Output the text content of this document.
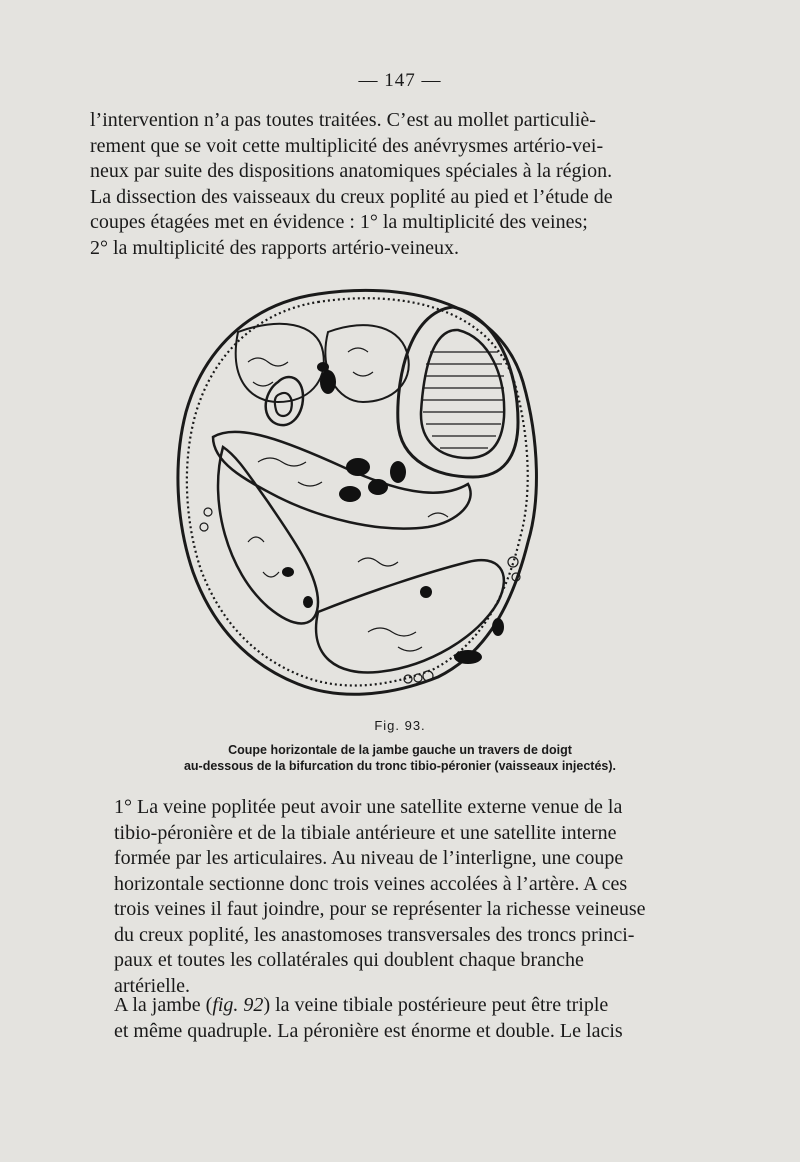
— 147 —

l’intervention n’a pas toutes traitées. C’est au mollet particuliè-
rement que se voit cette multiplicité des anévrysmes artério-vei-
neux par suite des dispositions anatomiques spéciales à la région.
La dissection des vaisseaux du creux poplité au pied et l’étude de
coupes étagées met en évidence : 1° la multiplicité des veines;
2° la multiplicité des rapports artério-veineux.

Fig. 93.
Coupe horizontale de la jambe gauche un travers de doigt
au-dessous de la bifurcation du tronc tibio-péronier (vaisseaux injectés).

1° La veine poplitée peut avoir une satellite externe venue de la
tibio-péronière et de la tibiale antérieure et une satellite interne
formée par les articulaires. Au niveau de l’interligne, une coupe
horizontale sectionne donc trois veines accolées à l’artère. A ces
trois veines il faut joindre, pour se représenter la richesse veineuse
du creux poplité, les anastomoses transversales des troncs princi-
paux et toutes les collatérales qui doublent chaque branche
artérielle.

A la jambe (fig. 92) la veine tibiale postérieure peut être triple
et même quadruple. La péronière est énorme et double. Le lacis
